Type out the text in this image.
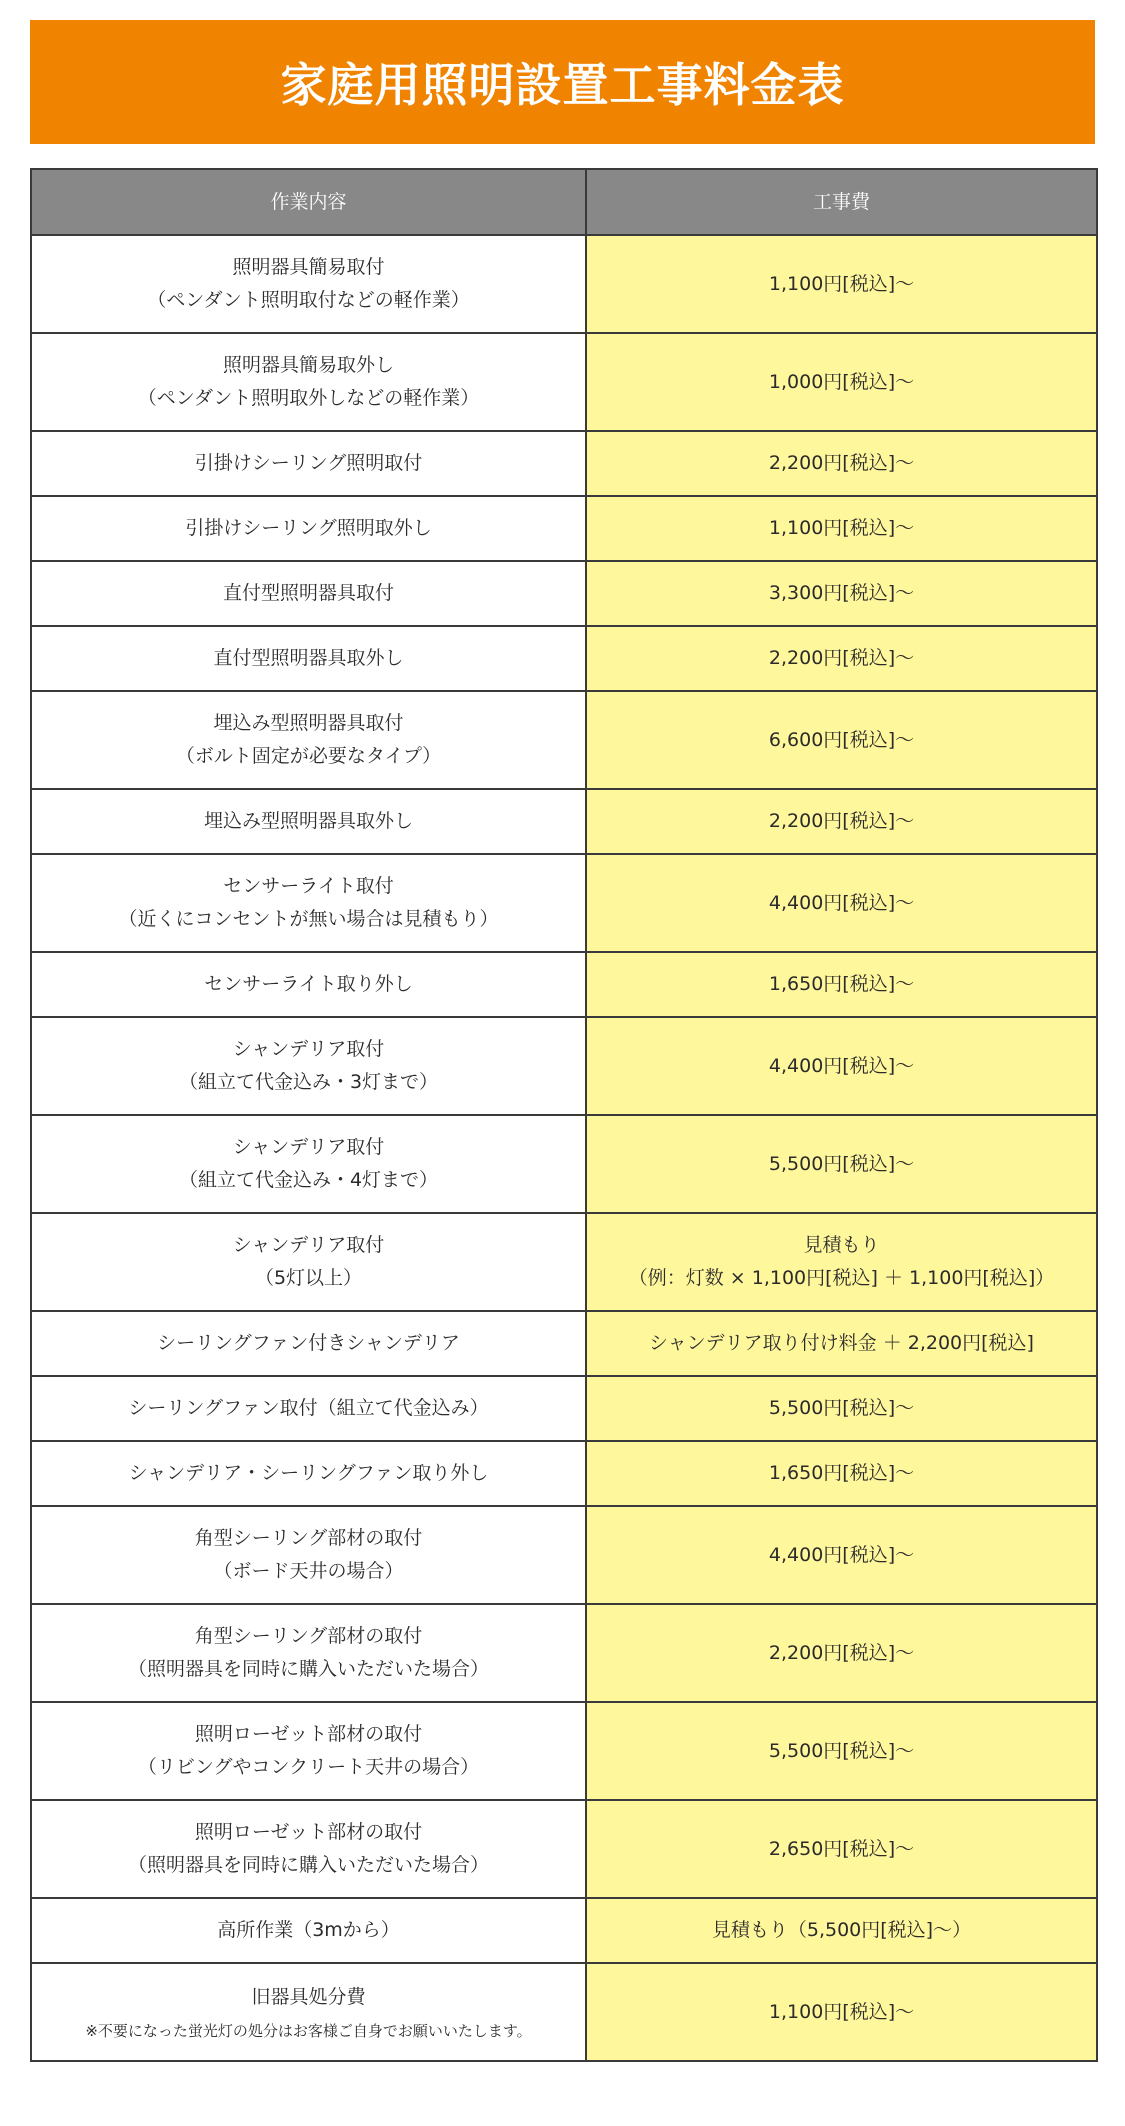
家庭用照明設置工事料金表
作業内容	工事費

照明器具簡易取付
（ペンダント照明取付などの軽作業）	1,100円[税込]～

照明器具簡易取外し
（ペンダント照明取外しなどの軽作業）	1,000円[税込]～

引掛けシーリング照明取付	2,200円[税込]～

引掛けシーリング照明取外し	1,100円[税込]～

直付型照明器具取付	3,300円[税込]～

直付型照明器具取外し	2,200円[税込]～

埋込み型照明器具取付
（ボルト固定が必要なタイプ）	6,600円[税込]～

埋込み型照明器具取外し	2,200円[税込]～

センサーライト取付
（近くにコンセントが無い場合は見積もり）	4,400円[税込]～

センサーライト取り外し	1,650円[税込]～

シャンデリア取付
（組立て代金込み・3灯まで）	4,400円[税込]～

シャンデリア取付
（組立て代金込み・4灯まで）	5,500円[税込]～

シャンデリア取付
（5灯以上）	見積もり
（例：灯数 × 1,100円[税込] ＋ 1,100円[税込]）

シーリングファン付きシャンデリア	シャンデリア取り付け料金 ＋ 2,200円[税込]

シーリングファン取付（組立て代金込み）	5,500円[税込]～

シャンデリア・シーリングファン取り外し	1,650円[税込]～

角型シーリング部材の取付
（ボード天井の場合）	4,400円[税込]～

角型シーリング部材の取付
（照明器具を同時に購入いただいた場合）	2,200円[税込]～

照明ローゼット部材の取付
（リビングやコンクリート天井の場合）	5,500円[税込]～

照明ローゼット部材の取付
（照明器具を同時に購入いただいた場合）	2,650円[税込]～

高所作業（3mから）	見積もり（5,500円[税込]～）

旧器具処分費
※不要になった蛍光灯の処分はお客様ご自身でお願いいたします。	1,100円[税込]～
